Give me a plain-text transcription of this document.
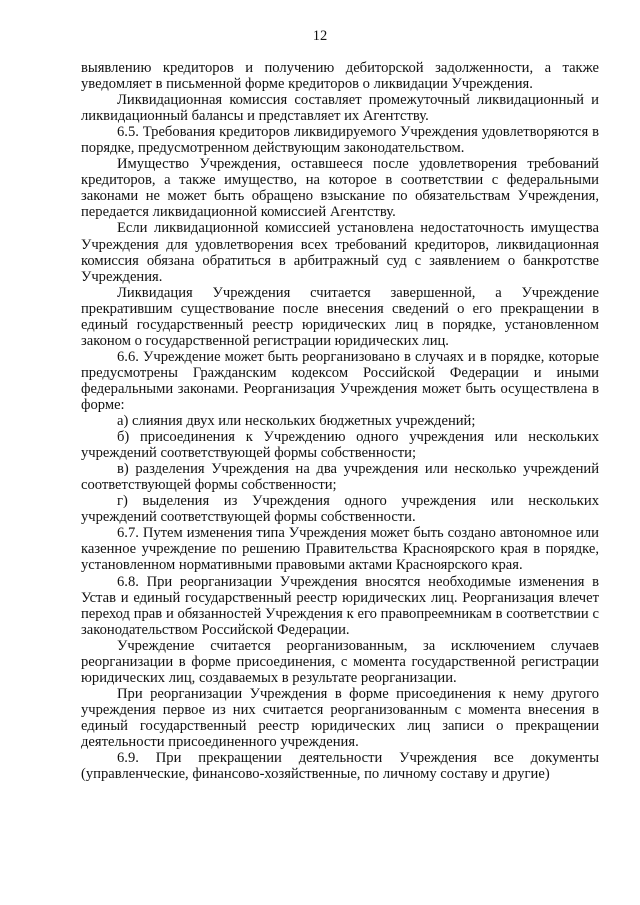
12

выявлению кредиторов и получению дебиторской задолженности, а также уведомляет в письменной форме кредиторов о ликвидации Учреждения.

Ликвидационная комиссия составляет промежуточный ликвидационный и ликвидационный балансы и представляет их Агентству.

6.5. Требования кредиторов ликвидируемого Учреждения удовлетворяются в порядке, предусмотренном действующим законодательством.

Имущество Учреждения, оставшееся после удовлетворения требований кредиторов, а также имущество, на которое в соответствии с федеральными законами не может быть обращено взыскание по обязательствам Учреждения, передается ликвидационной комиссией Агентству.

Если ликвидационной комиссией установлена недостаточность имущества Учреждения для удовлетворения всех требований кредиторов, ликвидационная комиссия обязана обратиться в арбитражный суд с заявлением о банкротстве Учреждения.

Ликвидация Учреждения считается завершенной, а Учреждение прекратившим существование после внесения сведений о его прекращении в единый государственный реестр юридических лиц в порядке, установленном законом о государственной регистрации юридических лиц.

6.6. Учреждение может быть реорганизовано в случаях и в порядке, которые предусмотрены Гражданским кодексом Российской Федерации и иными федеральными законами. Реорганизация Учреждения может быть осуществлена в форме:

а) слияния двух или нескольких бюджетных учреждений;

б) присоединения к Учреждению одного учреждения или нескольких учреждений соответствующей формы собственности;

в) разделения Учреждения на два учреждения или несколько учреждений соответствующей формы собственности;

г) выделения из Учреждения одного учреждения или нескольких учреждений соответствующей формы собственности.

6.7. Путем изменения типа Учреждения может быть создано автономное или казенное учреждение по решению Правительства Красноярского края в порядке, установленном нормативными правовыми актами Красноярского края.

6.8. При реорганизации Учреждения вносятся необходимые изменения в Устав и единый государственный реестр юридических лиц. Реорганизация влечет переход прав и обязанностей Учреждения к его правопреемникам в соответствии с законодательством Российской Федерации.

Учреждение считается реорганизованным, за исключением случаев реорганизации в форме присоединения, с момента государственной регистрации юридических лиц, создаваемых в результате реорганизации.

При реорганизации Учреждения в форме присоединения к нему другого учреждения первое из них считается реорганизованным с момента внесения в единый государственный реестр юридических лиц записи о прекращении деятельности присоединенного учреждения.

6.9. При прекращении деятельности Учреждения все документы (управленческие, финансово-хозяйственные, по личному составу и другие)
